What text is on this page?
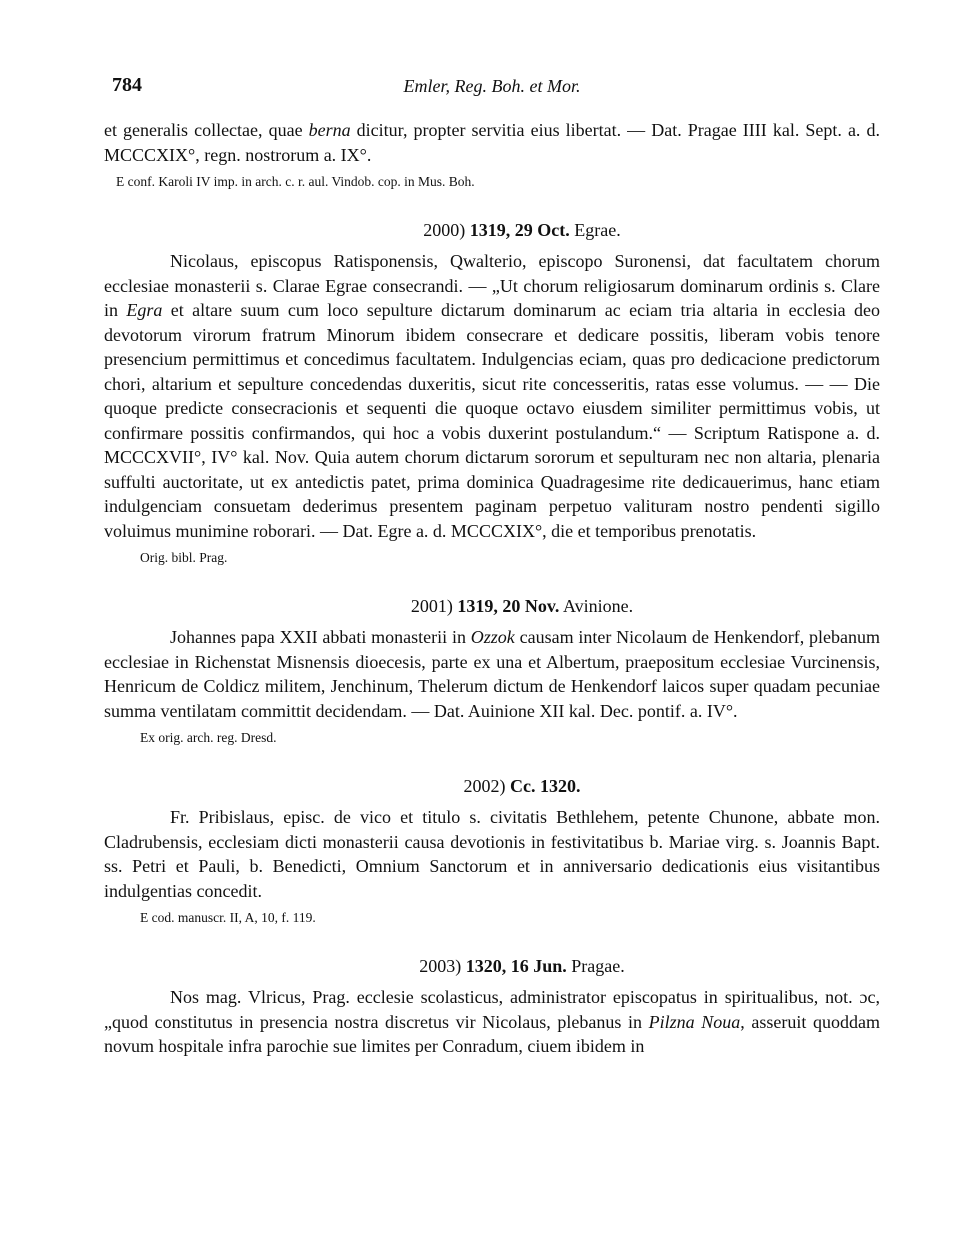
784	Emler, Reg. Boh. et Mor.

et generalis collectae, quae berna dicitur, propter servitia eius libertat. — Dat. Pragae IIII kal. Sept. a. d. MCCCXIX°, regn. nostrorum a. IX°.

E conf. Karoli IV imp. in arch. c. r. aul. Vindob. cop. in Mus. Boh.
2000) 1319, 29 Oct. Egrae.

Nicolaus, episcopus Ratisponensis, Qwalterio, episcopo Suronensi, dat facultatem chorum ecclesiae monasterii s. Clarae Egrae consecrandi. — „Ut chorum religiosarum dominarum ordinis s. Clare in Egra et altare suum cum loco sepulture dictarum dominarum ac eciam tria altaria in ecclesia deo devotorum virorum fratrum Minorum ibidem consecrare et dedicare possitis, liberam vobis tenore presencium permittimus et concedimus facultatem. Indulgencias eciam, quas pro dedicacione predictorum chori, altarium et sepulture concedendas duxeritis, sicut rite concesseritis, ratas esse volumus. — — Die quoque predicte consecracionis et sequenti die quoque octavo eiusdem similiter permittimus vobis, ut confirmare possitis confirmandos, qui hoc a vobis duxerint postulandum.“ — Scriptum Ratispone a. d. MCCCXVII°, IV° kal. Nov. Quia autem chorum dictarum sororum et sepulturam nec non altaria, plenaria suffulti auctoritate, ut ex antedictis patet, prima dominica Quadragesime rite dedicauerimus, hanc etiam indulgenciam consuetam dederimus presentem paginam perpetuo valituram nostro pendenti sigillo voluimus munimine roborari. — Dat. Egre a. d. MCCCXIX°, die et temporibus prenotatis.

Orig. bibl. Prag.
2001) 1319, 20 Nov. Avinione.

Johannes papa XXII abbati monasterii in Ozzok causam inter Nicolaum de Henkendorf, plebanum ecclesiae in Richenstat Misnensis dioecesis, parte ex una et Albertum, praepositum ecclesiae Vurcinensis, Henricum de Coldicz militem, Jenchinum, Thelerum dictum de Henkendorf laicos super quadam pecuniae summa ventilatam committit decidendam. — Dat. Auinione XII kal. Dec. pontif. a. IV°.

Ex orig. arch. reg. Dresd.
2002) Cc. 1320.

Fr. Pribislaus, episc. de vico et titulo s. civitatis Bethlehem, petente Chunone, abbate mon. Cladrubensis, ecclesiam dicti monasterii causa devotionis in festivitatibus b. Mariae virg. s. Joannis Bapt. ss. Petri et Pauli, b. Benedicti, Omnium Sanctorum et in anniversario dedicationis eius visitantibus indulgentias concedit.

E cod. manuscr. II, A, 10, f. 119.
2003) 1320, 16 Jun. Pragae.

Nos mag. Vlricus, Prag. ecclesie scolasticus, administrator episcopatus in spiritualibus, not. ɔc, „quod constitutus in presencia nostra discretus vir Nicolaus, plebanus in Pilzna Noua, asseruit quoddam novum hospitale infra parochie sue limites per Conradum, ciuem ibidem in
